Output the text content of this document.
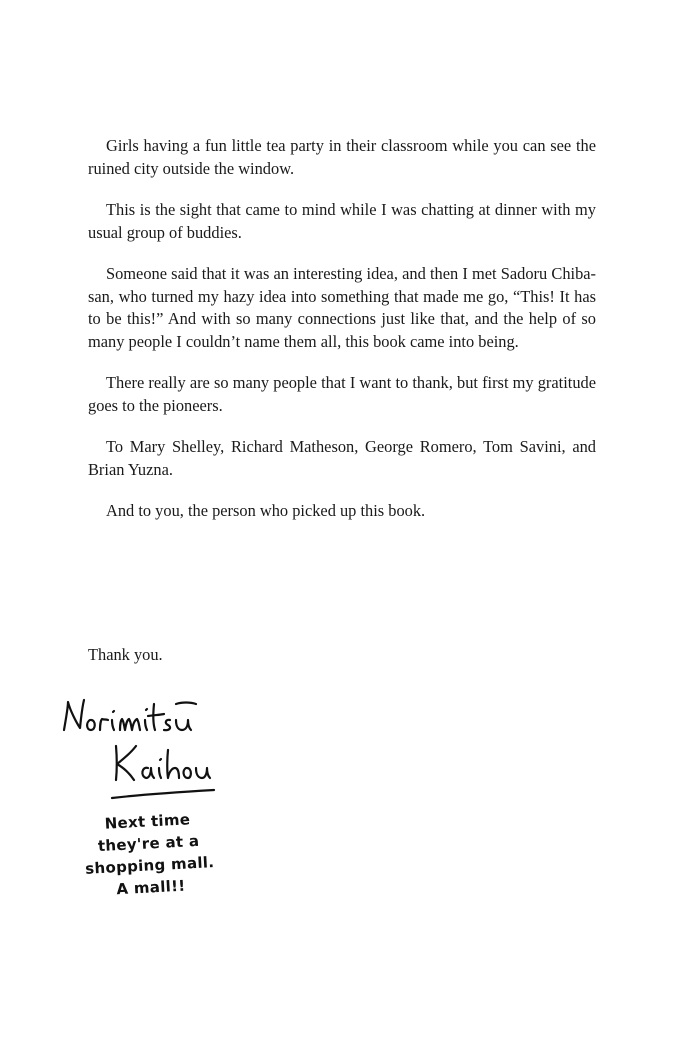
Girls having a fun little tea party in their classroom while you can see the ruined city outside the window.

This is the sight that came to mind while I was chatting at dinner with my usual group of buddies.

Someone said that it was an interesting idea, and then I met Sadoru Chiba-san, who turned my hazy idea into something that made me go, “This! It has to be this!” And with so many connections just like that, and the help of so many people I couldn’t name them all, this book came into being.

There really are so many people that I want to thank, but first my gratitude goes to the pioneers.

To Mary Shelley, Richard Matheson, George Romero, Tom Savini, and Brian Yuzna.

And to you, the person who picked up this book.

Thank you.
Next time
they're at a
shopping mall.
A mall!!
